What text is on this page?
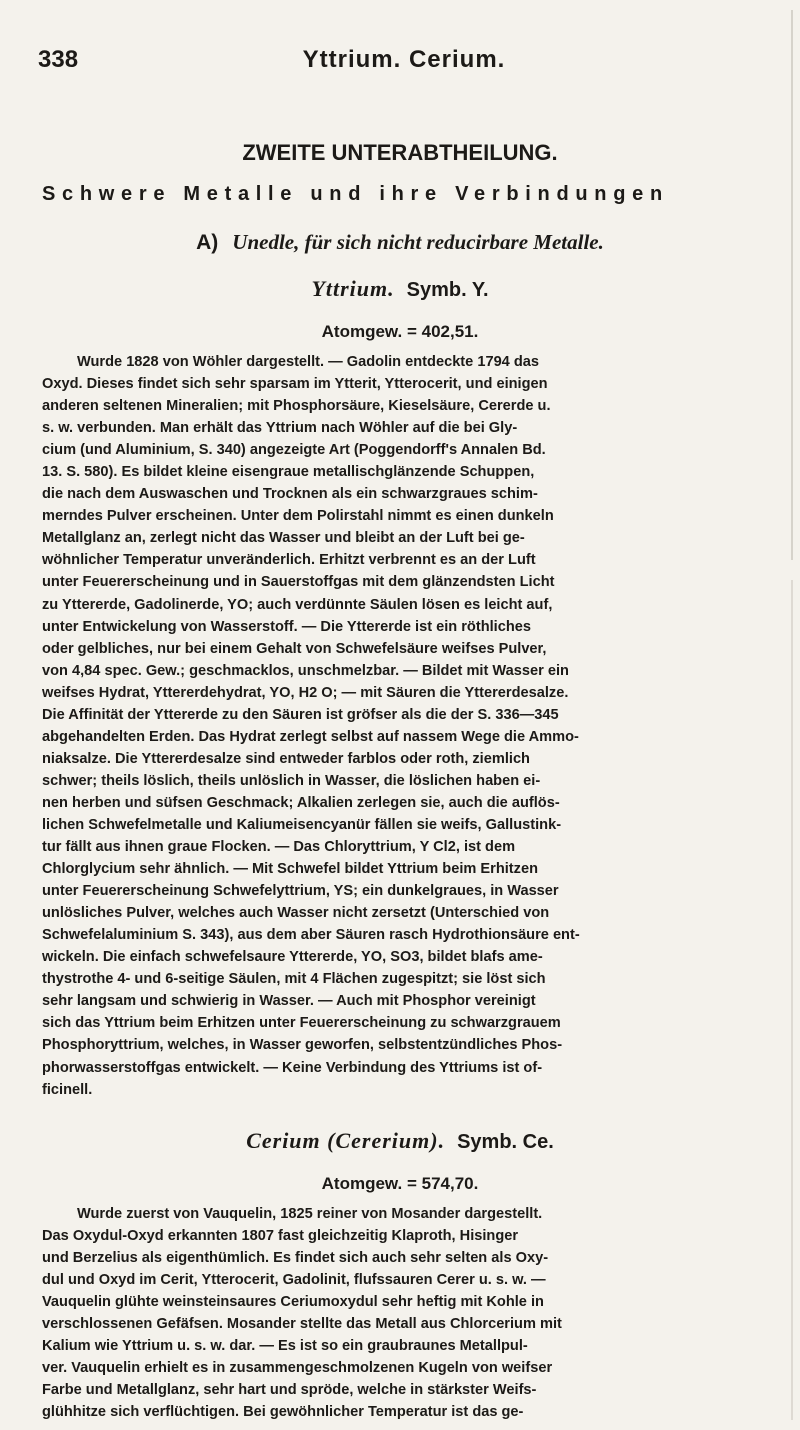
338	Yttrium. Cerium.
ZWEITE UNTERABTHEILUNG.
Schwere Metalle und ihre Verbindungen
A) Unedle, für sich nicht reducirbare Metalle.
Yttrium. Symb. Y.
Atomgew. = 402,51.
Wurde 1828 von Wöhler dargestellt. — Gadolin entdeckte 1794 das
Oxyd. Dieses findet sich sehr sparsam im Ytterit, Ytterocerit, und einigen
anderen seltenen Mineralien; mit Phosphorsäure, Kieselsäure, Cererde u.
s. w. verbunden. Man erhält das Yttrium nach Wöhler auf die bei Gly-
cium (und Aluminium, S. 340) angezeigte Art (Poggendorff's Annalen Bd.
13. S. 580). Es bildet kleine eisengraue metallischglänzende Schuppen,
die nach dem Auswaschen und Trocknen als ein schwarzgraues schim-
merndes Pulver erscheinen. Unter dem Polirstahl nimmt es einen dunkeln
Metallglanz an, zerlegt nicht das Wasser und bleibt an der Luft bei ge-
wöhnlicher Temperatur unveränderlich. Erhitzt verbrennt es an der Luft
unter Feuererscheinung und in Sauerstoffgas mit dem glänzendsten Licht
zu Yttererde, Gadolinerde, YO; auch verdünnte Säulen lösen es leicht auf,
unter Entwickelung von Wasserstoff. — Die Yttererde ist ein röthliches
oder gelbliches, nur bei einem Gehalt von Schwefelsäure weifses Pulver,
von 4,84 spec. Gew.; geschmacklos, unschmelzbar. — Bildet mit Wasser ein
weifses Hydrat, Yttererdehydrat, YO, H2 O; — mit Säuren die Yttererdesalze.
Die Affinität der Yttererde zu den Säuren ist gröfser als die der S. 336—345
abgehandelten Erden. Das Hydrat zerlegt selbst auf nassem Wege die Ammo-
niaksalze. Die Yttererdesalze sind entweder farblos oder roth, ziemlich
schwer; theils löslich, theils unlöslich in Wasser, die löslichen haben ei-
nen herben und süfsen Geschmack; Alkalien zerlegen sie, auch die auflös-
lichen Schwefelmetalle und Kaliumeisencyanür fällen sie weifs, Gallustink-
tur fällt aus ihnen graue Flocken. — Das Chloryttrium, Y Cl2, ist dem
Chlorglycium sehr ähnlich. — Mit Schwefel bildet Yttrium beim Erhitzen
unter Feuererscheinung Schwefelyttrium, YS; ein dunkelgraues, in Wasser
unlösliches Pulver, welches auch Wasser nicht zersetzt (Unterschied von
Schwefelaluminium S. 343), aus dem aber Säuren rasch Hydrothionsäure ent-
wickeln. Die einfach schwefelsaure Yttererde, YO, SO3, bildet blafs ame-
thystrothe 4- und 6-seitige Säulen, mit 4 Flächen zugespitzt; sie löst sich
sehr langsam und schwierig in Wasser. — Auch mit Phosphor vereinigt
sich das Yttrium beim Erhitzen unter Feuererscheinung zu schwarzgrauem
Phosphoryttrium, welches, in Wasser geworfen, selbstentzündliches Phos-
phorwasserstoffgas entwickelt. — Keine Verbindung des Yttriums ist of-
ficinell.
Cerium (Cererium). Symb. Ce.
Atomgew. = 574,70.
Wurde zuerst von Vauquelin, 1825 reiner von Mosander dargestellt.
Das Oxydul-Oxyd erkannten 1807 fast gleichzeitig Klaproth, Hisinger
und Berzelius als eigenthümlich. Es findet sich auch sehr selten als Oxy-
dul und Oxyd im Cerit, Ytterocerit, Gadolinit, flufssauren Cerer u. s. w. —
Vauquelin glühte weinsteinsaures Ceriumoxydul sehr heftig mit Kohle in
verschlossenen Gefäfsen. Mosander stellte das Metall aus Chlorcerium mit
Kalium wie Yttrium u. s. w. dar. — Es ist so ein graubraunes Metallpul-
ver. Vauquelin erhielt es in zusammengeschmolzenen Kugeln von weifser
Farbe und Metallglanz, sehr hart und spröde, welche in stärkster Weifs-
glühhitze sich verflüchtigen. Bei gewöhnlicher Temperatur ist das ge-
